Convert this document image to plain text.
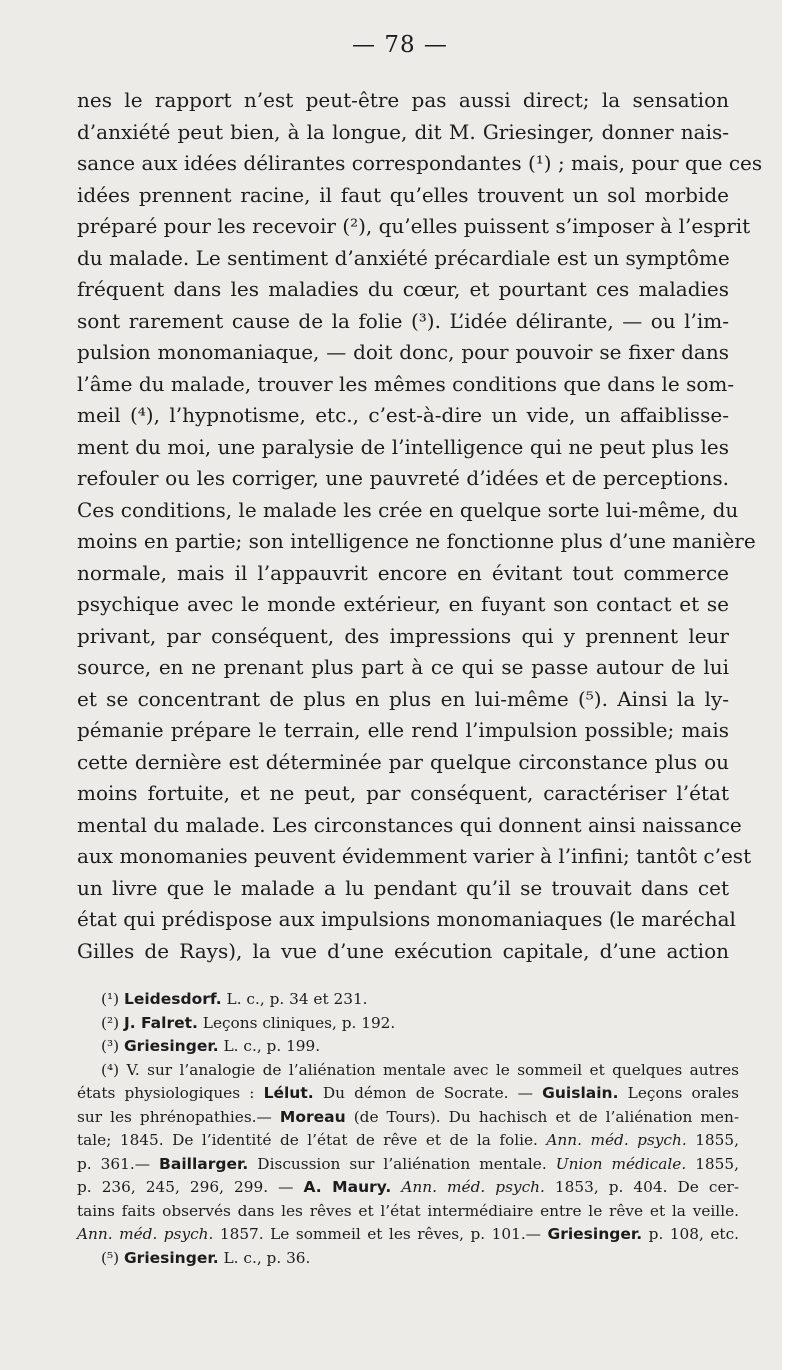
— 78 —
nes le rapport n’est peut-être pas aussi direct; la sensation
d’anxiété peut bien, à la longue, dit M. Griesinger, donner nais-
sance aux idées délirantes correspondantes (¹) ; mais, pour que ces
idées prennent racine, il faut qu’elles trouvent un sol morbide
préparé pour les recevoir (²), qu’elles puissent s’imposer à l’esprit
du malade. Le sentiment d’anxiété précardiale est un symptôme
fréquent dans les maladies du cœur, et pourtant ces maladies
sont rarement cause de la folie (³). L’idée délirante, — ou l’im-
pulsion monomaniaque, — doit donc, pour pouvoir se fixer dans
l’âme du malade, trouver les mêmes conditions que dans le som-
meil (⁴), l’hypnotisme, etc., c’est-à-dire un vide, un affaiblisse-
ment du moi, une paralysie de l’intelligence qui ne peut plus les
refouler ou les corriger, une pauvreté d’idées et de perceptions.
Ces conditions, le malade les crée en quelque sorte lui-même, du
moins en partie; son intelligence ne fonctionne plus d’une manière
normale, mais il l’appauvrit encore en évitant tout commerce
psychique avec le monde extérieur, en fuyant son contact et se
privant, par conséquent, des impressions qui y prennent leur
source, en ne prenant plus part à ce qui se passe autour de lui
et se concentrant de plus en plus en lui-même (⁵). Ainsi la ly-
pémanie prépare le terrain, elle rend l’impulsion possible; mais
cette dernière est déterminée par quelque circonstance plus ou
moins fortuite, et ne peut, par conséquent, caractériser l’état
mental du malade. Les circonstances qui donnent ainsi naissance
aux monomanies peuvent évidemment varier à l’infini; tantôt c’est
un livre que le malade a lu pendant qu’il se trouvait dans cet
état qui prédispose aux impulsions monomaniaques (le maréchal
Gilles de Rays), la vue d’une exécution capitale, d’une action
(¹) Leidesdorf. L. c., p. 34 et 231.
(²) J. Falret. Leçons cliniques, p. 192.
(³) Griesinger. L. c., p. 199.
(⁴) V. sur l’analogie de l’aliénation mentale avec le sommeil et quelques autres
états physiologiques : Lélut. Du démon de Socrate. — Guislain. Leçons orales
sur les phrénopathies.— Moreau (de Tours). Du hachisch et de l’aliénation men-
tale; 1845. De l’identité de l’état de rêve et de la folie. Ann. méd. psych. 1855,
p. 361.— Baillarger. Discussion sur l’aliénation mentale. Union médicale. 1855,
p. 236, 245, 296, 299. — A. Maury. Ann. méd. psych. 1853, p. 404. De cer-
tains faits observés dans les rêves et l’état intermédiaire entre le rêve et la veille.
Ann. méd. psych. 1857. Le sommeil et les rêves, p. 101.— Griesinger. p. 108, etc.
(⁵) Griesinger. L. c., p. 36.
